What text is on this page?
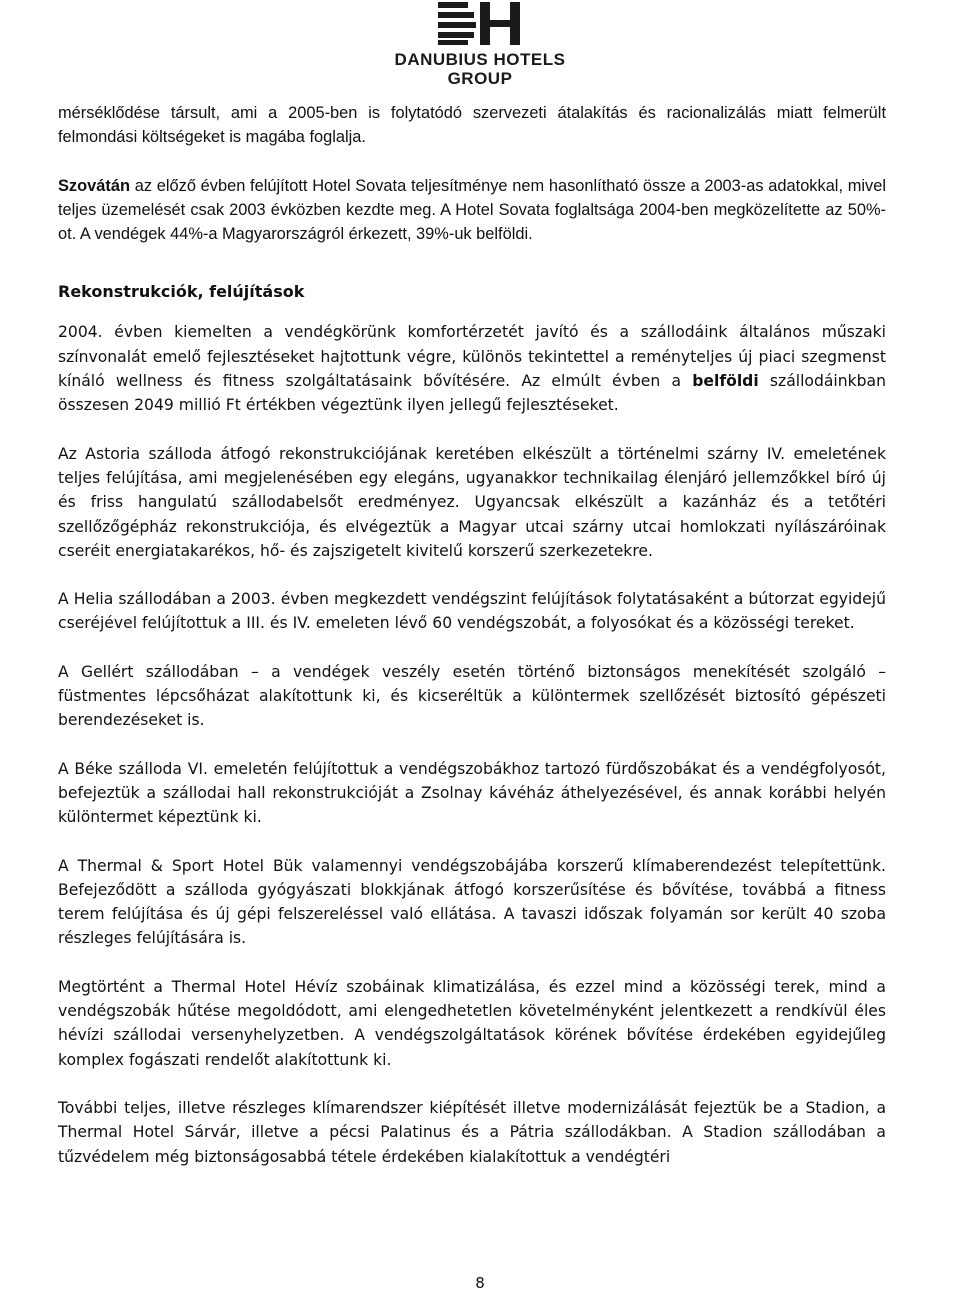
DANUBIUS HOTELS
GROUP

mérséklődése társult, ami a 2005-ben is folytatódó szervezeti átalakítás és racionalizálás miatt felmerült felmondási költségeket is magába foglalja.

Szovátán az előző évben felújított Hotel Sovata teljesítménye nem hasonlítható össze a 2003-as adatokkal, mivel teljes üzemelését csak 2003 évközben kezdte meg. A Hotel Sovata foglaltsága 2004-ben megközelítette az 50%-ot. A vendégek 44%-a Magyarországról érkezett, 39%-uk belföldi.

Rekonstrukciók, felújítások

2004. évben kiemelten a vendégkörünk komfortérzetét javító és a szállodáink általános műszaki színvonalát emelő fejlesztéseket hajtottunk végre, különös tekintettel a reményteljes új piaci szegmenst kínáló wellness és fitness szolgáltatásaink bővítésére. Az elmúlt évben a belföldi szállodáinkban összesen 2049 millió Ft értékben végeztünk ilyen jellegű fejlesztéseket.

Az Astoria szálloda átfogó rekonstrukciójának keretében elkészült a történelmi szárny IV. emeletének teljes felújítása, ami megjelenésében egy elegáns, ugyanakkor technikailag élenjáró jellemzőkkel bíró új és friss hangulatú szállodabelsőt eredményez. Ugyancsak elkészült a kazánház és a tetőtéri szellőzőgépház rekonstrukciója, és elvégeztük a Magyar utcai szárny utcai homlokzati nyílászáróinak cseréit energiatakarékos, hő- és zajszigetelt kivitelű korszerű szerkezetekre.

A Helia szállodában a 2003. évben megkezdett vendégszint felújítások folytatásaként a bútorzat egyidejű cseréjével felújítottuk a III. és IV. emeleten lévő 60 vendégszobát, a folyosókat és a közösségi tereket.

A Gellért szállodában – a vendégek veszély esetén történő biztonságos menekítését szolgáló – füstmentes lépcsőházat alakítottunk ki, és kicseréltük a különtermek szellőzését biztosító gépészeti berendezéseket is.

A Béke szálloda VI. emeletén felújítottuk a vendégszobákhoz tartozó fürdőszobákat és a vendégfolyosót, befejeztük a szállodai hall rekonstrukcióját a Zsolnay kávéház áthelyezésével, és annak korábbi helyén különtermet képeztünk ki.

A Thermal & Sport Hotel Bük valamennyi vendégszobájába korszerű klímaberendezést telepítettünk. Befejeződött a szálloda gyógyászati blokkjának átfogó korszerűsítése és bővítése, továbbá a fitness terem felújítása és új gépi felszereléssel való ellátása. A tavaszi időszak folyamán sor került 40 szoba részleges felújítására is.

Megtörtént a Thermal Hotel Hévíz szobáinak klimatizálása, és ezzel mind a közösségi terek, mind a vendégszobák hűtése megoldódott, ami elengedhetetlen követelményként jelentkezett a rendkívül éles hévízi szállodai versenyhelyzetben. A vendégszolgáltatások körének bővítése érdekében egyidejűleg komplex fogászati rendelőt alakítottunk ki.

További teljes, illetve részleges klímarendszer kiépítését illetve modernizálását fejeztük be a Stadion, a Thermal Hotel Sárvár, illetve a pécsi Palatinus és a Pátria szállodákban. A Stadion szállodában a tűzvédelem még biztonságosabbá tétele érdekében kialakítottuk a vendégtéri

8
